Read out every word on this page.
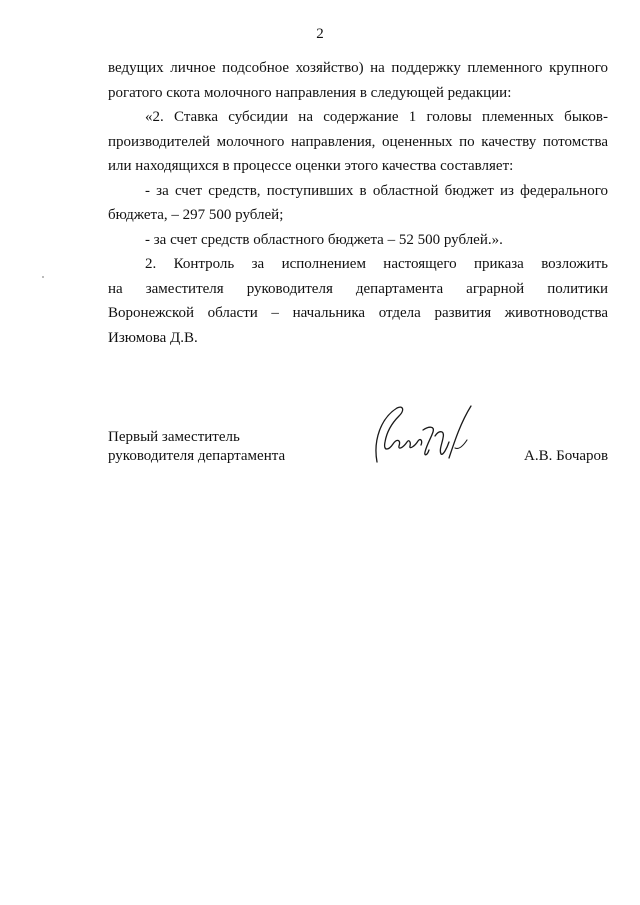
2
ведущих личное подсобное хозяйство) на поддержку племенного крупного
рогатого скота молочного направления в следующей редакции:
«2. Ставка субсидии на содержание 1 головы племенных быков-
производителей молочного направления, оцененных по качеству потомства
или находящихся в процессе оценки этого качества составляет:
- за счет средств, поступивших в областной бюджет из федерального
бюджета, – 297 500 рублей;
- за счет средств областного бюджета – 52 500 рублей.».
2. Контроль за исполнением настоящего приказа возложить
на заместителя руководителя департамента аграрной политики
Воронежской области – начальника отдела развития животноводства
Изюмова Д.В.
Первый заместитель
руководителя департамента	А.В. Бочаров
